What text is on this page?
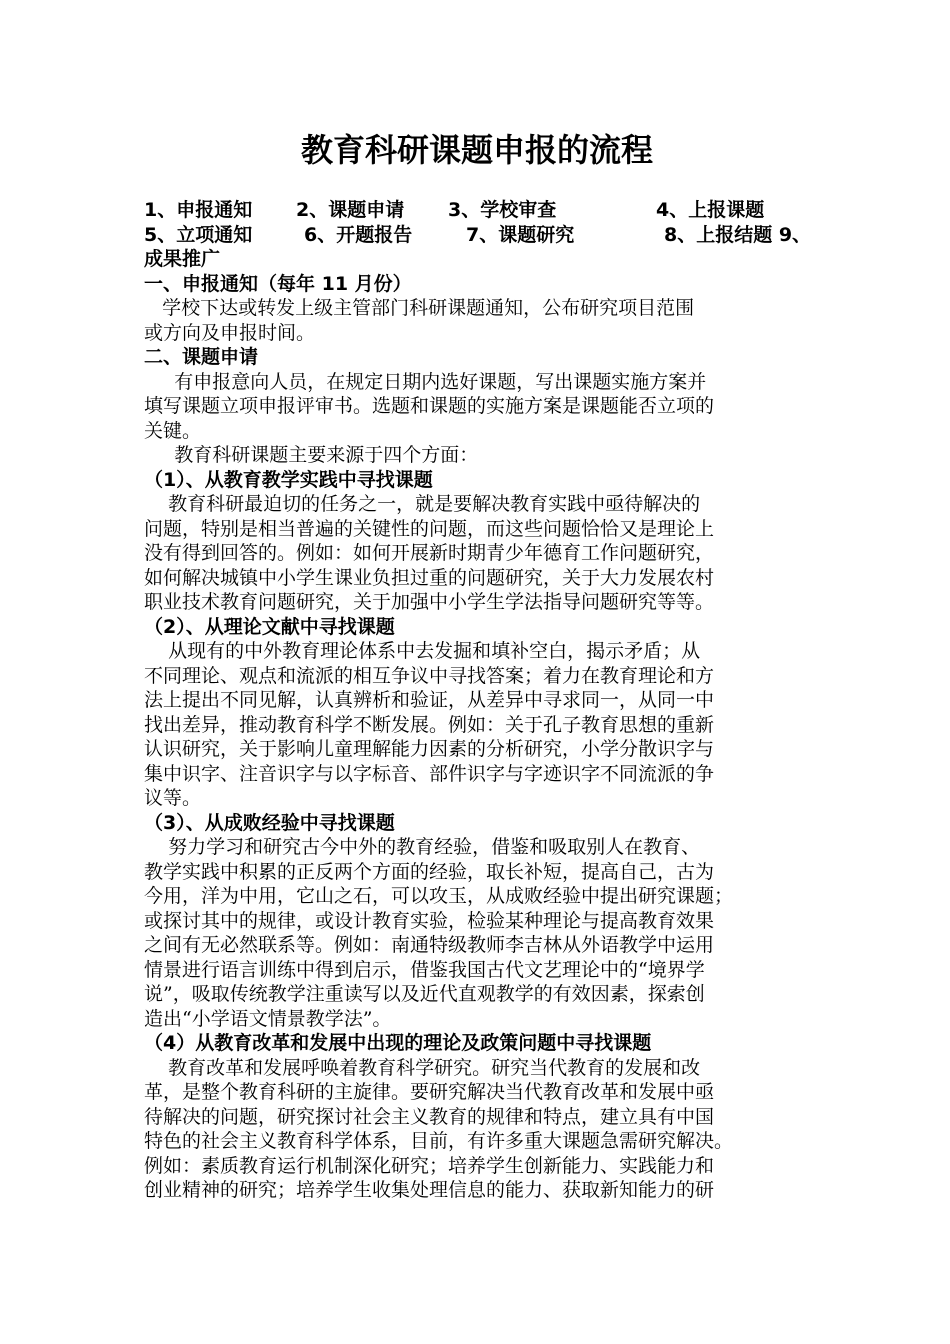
教育科研课题申报的流程
1、申报通知 2、课题申请 3、学校审查	4、上报课题
5、立项通知	6、开题报告	7、课题研究	8、上报结题 9、
成果推广
一、申报通知（每年 11 月份）
学校下达或转发上级主管部门科研课题通知，公布研究项目范围
或方向及申报时间。
二、课题申请
有申报意向人员，在规定日期内选好课题，写出课题实施方案并
填写课题立项申报评审书。选题和课题的实施方案是课题能否立项的
关键。
教育科研课题主要来源于四个方面：
（1）、从教育教学实践中寻找课题
教育科研最迫切的任务之一，就是要解决教育实践中亟待解决的
问题，特别是相当普遍的关键性的问题，而这些问题恰恰又是理论上
没有得到回答的。例如：如何开展新时期青少年德育工作问题研究，
如何解决城镇中小学生课业负担过重的问题研究，关于大力发展农村
职业技术教育问题研究，关于加强中小学生学法指导问题研究等等。
（2）、从理论文献中寻找课题
从现有的中外教育理论体系中去发掘和填补空白，揭示矛盾；从
不同理论、观点和流派的相互争议中寻找答案；着力在教育理论和方
法上提出不同见解，认真辨析和验证，从差异中寻求同一，从同一中
找出差异，推动教育科学不断发展。例如：关于孔子教育思想的重新
认识研究，关于影响儿童理解能力因素的分析研究，小学分散识字与
集中识字、注音识字与以字标音、部件识字与字迹识字不同流派的争
议等。
（3）、从成败经验中寻找课题
努力学习和研究古今中外的教育经验，借鉴和吸取别人在教育、
教学实践中积累的正反两个方面的经验，取长补短，提高自己，古为
今用，洋为中用，它山之石，可以攻玉，从成败经验中提出研究课题；
或探讨其中的规律，或设计教育实验，检验某种理论与提高教育效果
之间有无必然联系等。例如：南通特级教师李吉林从外语教学中运用
情景进行语言训练中得到启示，借鉴我国古代文艺理论中的“境界学
说”，吸取传统教学注重读写以及近代直观教学的有效因素，探索创
造出“小学语文情景教学法”。
（4）从教育改革和发展中出现的理论及政策问题中寻找课题
教育改革和发展呼唤着教育科学研究。研究当代教育的发展和改
革，是整个教育科研的主旋律。要研究解决当代教育改革和发展中亟
待解决的问题，研究探讨社会主义教育的规律和特点，建立具有中国
特色的社会主义教育科学体系，目前，有许多重大课题急需研究解决。
例如：素质教育运行机制深化研究；培养学生创新能力、实践能力和
创业精神的研究；培养学生收集处理信息的能力、获取新知能力的研
